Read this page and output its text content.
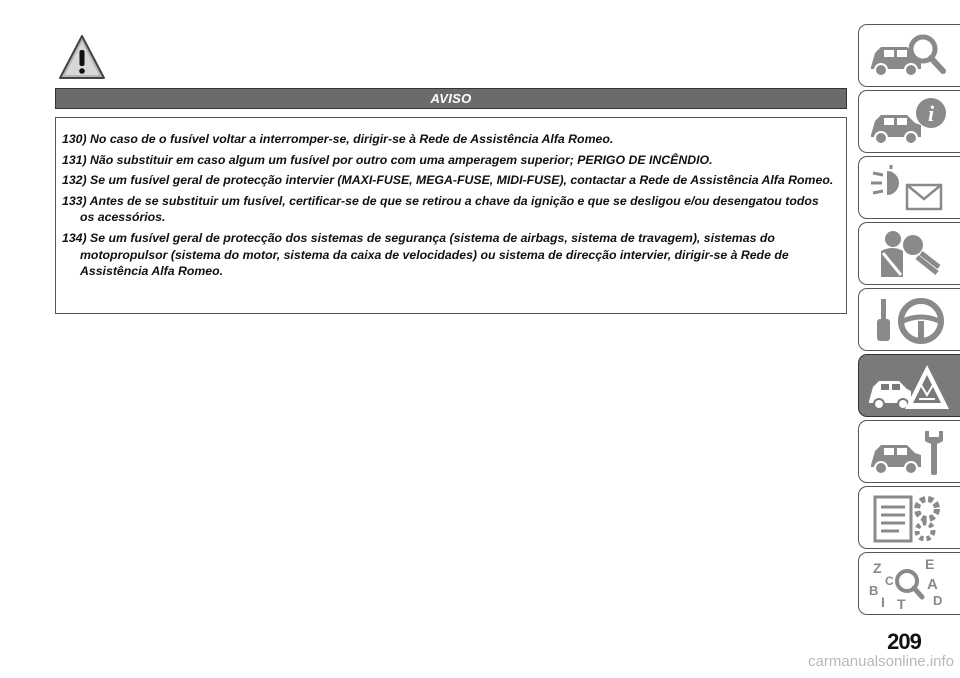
AVISO

130) No caso de o fusível voltar a interromper-se, dirigir-se à Rede de Assistência Alfa Romeo.

131) Não substituir em caso algum um fusível por outro com uma amperagem superior; PERIGO DE INCÊNDIO.

132) Se um fusível geral de protecção intervier (MAXI-FUSE, MEGA-FUSE, MIDI-FUSE), contactar a Rede de Assistência Alfa Romeo.

133) Antes de se substituir um fusível, certificar-se de que se retirou a chave da ignição e que se desligou e/ou desengatou todos os acessórios.

134) Se um fusível geral de protecção dos sistemas de segurança (sistema de airbags, sistema de travagem), sistemas do motopropulsor (sistema do motor, sistema da caixa de velocidades) ou sistema de direcção intervier, dirigir-se à Rede de Assistência Alfa Romeo.

i
Z	E
B	A
C
D
T
I
209
carmanualsonline.info
